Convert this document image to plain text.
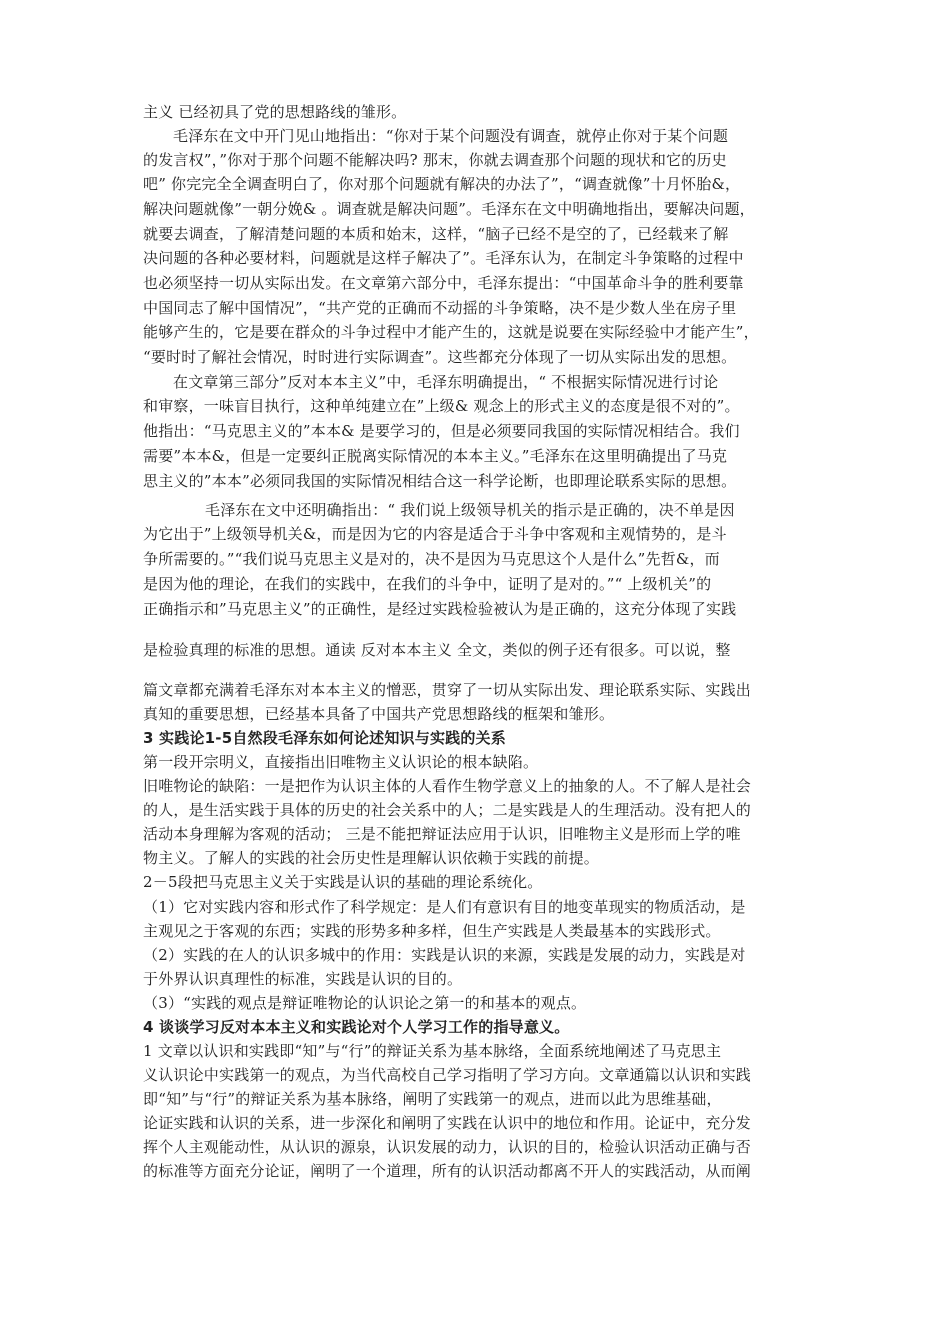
主义 已经初具了党的思想路线的雏形。
毛泽东在文中开门见山地指出：“你对于某个问题没有调查，就停止你对于某个问题
的发言权”，”你对于那个问题不能解决吗? 那末，你就去调查那个问题的现状和它的历史
吧” 你完完全全调查明白了，你对那个问题就有解决的办法了”，“调查就像”十月怀胎&，
解决问题就像”一朝分娩& 。调查就是解决问题”。毛泽东在文中明确地指出，要解决问题，
就要去调查，了解清楚问题的本质和始末，这样，“脑子已经不是空的了，已经载来了解
决问题的各种必要材料，问题就是这样子解决了”。毛泽东认为，在制定斗争策略的过程中
也必须坚持一切从实际出发。在文章第六部分中，毛泽东提出：“中国革命斗争的胜利要靠
中国同志了解中国情况”，“共产党的正确而不动摇的斗争策略，决不是少数人坐在房子里
能够产生的，它是要在群众的斗争过程中才能产生的，这就是说要在实际经验中才能产生”，
“要时时了解社会情况，时时进行实际调查”。这些都充分体现了一切从实际出发的思想。
在文章第三部分”反对本本主义”中，毛泽东明确提出，“ 不根据实际情况进行讨论
和审察，一味盲目执行，这种单纯建立在”上级& 观念上的形式主义的态度是很不对的”。
他指出：“马克思主义的”本本& 是要学习的，但是必须要同我国的实际情况相结合。我们
需要”本本&，但是一定要纠正脱离实际情况的本本主义。”毛泽东在这里明确提出了马克
思主义的”本本”必须同我国的实际情况相结合这一科学论断，也即理论联系实际的思想。
毛泽东在文中还明确指出：“ 我们说上级领导机关的指示是正确的，决不单是因
为它出于”上级领导机关&，而是因为它的内容是适合于斗争中客观和主观情势的，是斗
争所需要的。”“我们说马克思主义是对的，决不是因为马克思这个人是什么”先哲&，而
是因为他的理论，在我们的实践中，在我们的斗争中，证明了是对的。”“ 上级机关”的
正确指示和”马克思主义”的正确性，是经过实践检验被认为是正确的，这充分体现了实践
是检验真理的标准的思想。通读 反对本本主义 全文，类似的例子还有很多。可以说，整
篇文章都充满着毛泽东对本本主义的憎恶，贯穿了一切从实际出发、理论联系实际、实践出
真知的重要思想，已经基本具备了中国共产党思想路线的框架和雏形。
3 实践论1-5自然段毛泽东如何论述知识与实践的关系
第一段开宗明义，直接指出旧唯物主义认识论的根本缺陷。
旧唯物论的缺陷：一是把作为认识主体的人看作生物学意义上的抽象的人。不了解人是社会
的人，是生活实践于具体的历史的社会关系中的人；二是实践是人的生理活动。没有把人的
活动本身理解为客观的活动； 三是不能把辩证法应用于认识，旧唯物主义是形而上学的唯
物主义。了解人的实践的社会历史性是理解认识依赖于实践的前提。
2－5段把马克思主义关于实践是认识的基础的理论系统化。
（1）它对实践内容和形式作了科学规定：是人们有意识有目的地变革现实的物质活动，是
主观见之于客观的东西；实践的形势多种多样，但生产实践是人类最基本的实践形式。
（2）实践的在人的认识多城中的作用：实践是认识的来源，实践是发展的动力，实践是对
于外界认识真理性的标准，实践是认识的目的。
（3）“实践的观点是辩证唯物论的认识论之第一的和基本的观点。
4 谈谈学习反对本本主义和实践论对个人学习工作的指导意义。
1 文章以认识和实践即“知”与“行”的辩证关系为基本脉络，全面系统地阐述了马克思主
义认识论中实践第一的观点，为当代高校自己学习指明了学习方向。文章通篇以认识和实践
即“知”与“行”的辩证关系为基本脉络，阐明了实践第一的观点，进而以此为思维基础，
论证实践和认识的关系，进一步深化和阐明了实践在认识中的地位和作用。论证中，充分发
挥个人主观能动性，从认识的源泉，认识发展的动力，认识的目的，检验认识活动正确与否
的标准等方面充分论证，阐明了一个道理，所有的认识活动都离不开人的实践活动，从而阐
